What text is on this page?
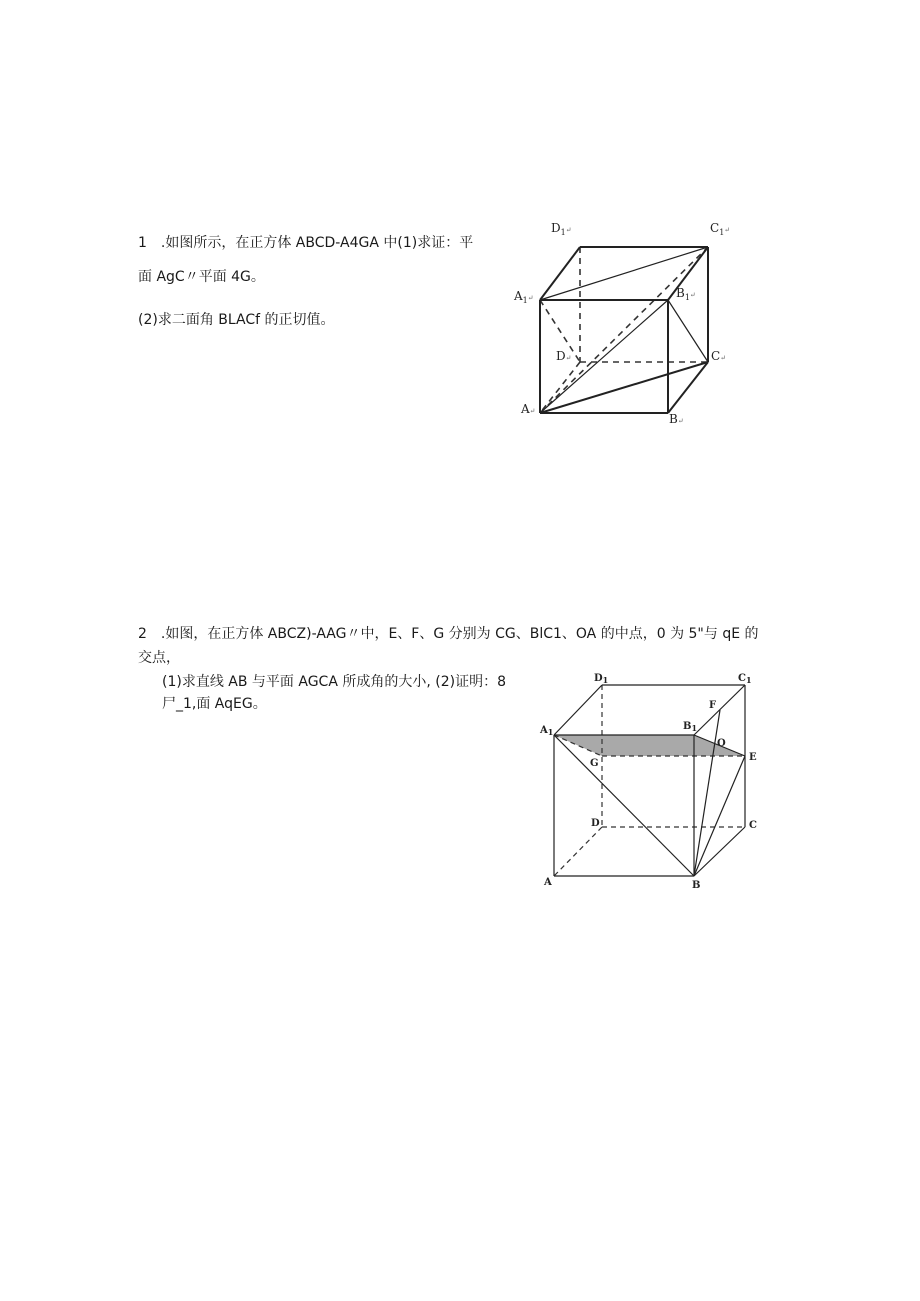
1　.如图所示，在正方体 ABCD-A4GA 中(1)求证：平
面 AgC〃平面 4G。
(2)求二面角 BLACf 的正切值。
$D_1^↵$	$C_1^↵$
$A_1^↵$	$B_1^↵$
D↵	C↵
A↵
B↵
2　.如图，在正方体 ABCZ)-AAG〃中，E、F、G 分别为 CG、BlC1、OA 的中点，0 为 5"与 qE 的
交点，
(1)求直线 AB 与平面 AGCA 所成角的大小, (2)证明：8
尸_1,面 AqEG。
$D_1$	$C_1$
$A_1$	$B_1$
F
O
E
G
D	C
A	B
